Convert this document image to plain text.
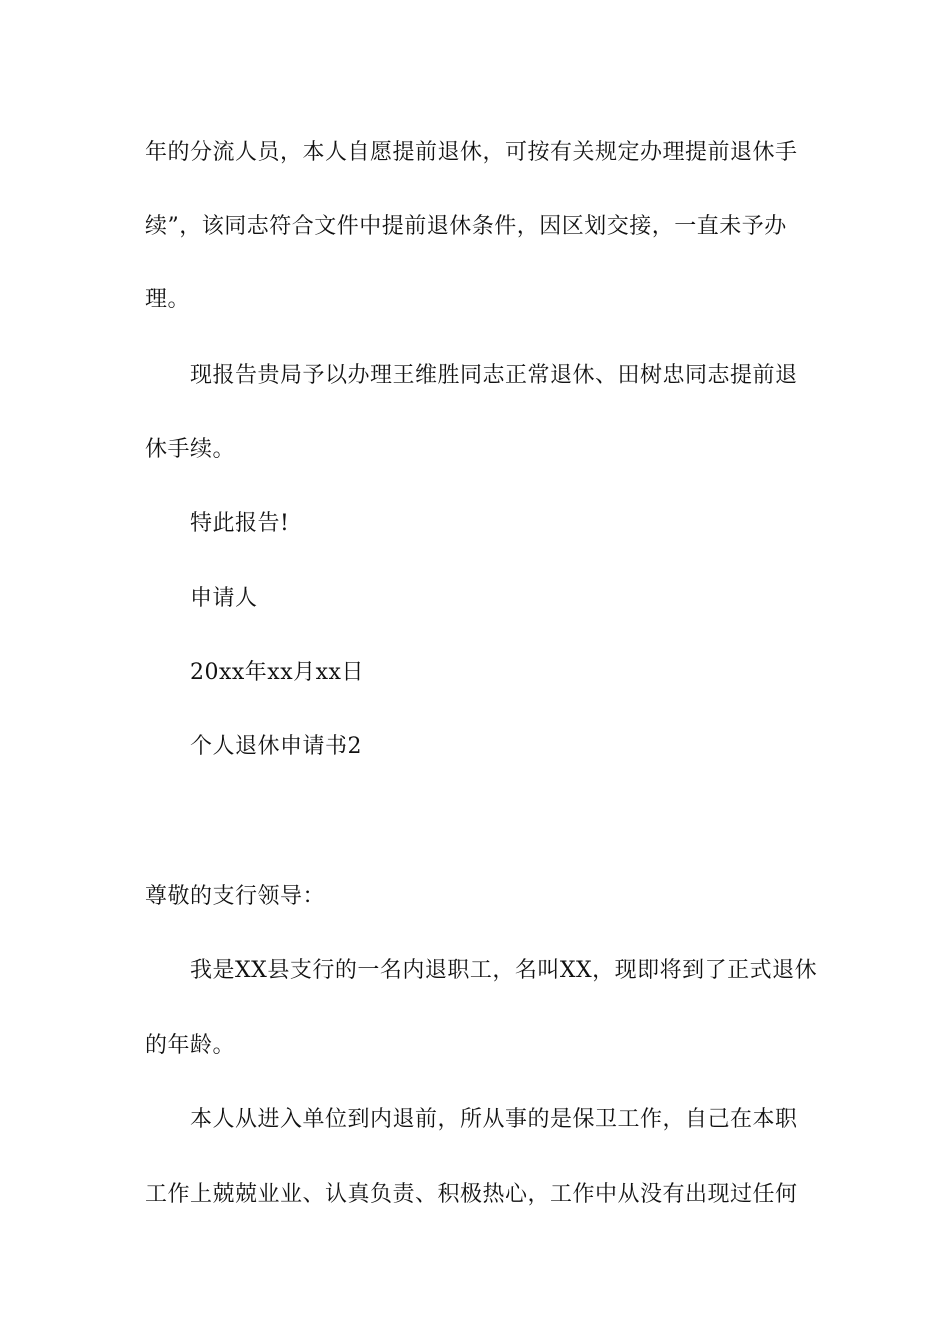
年的分流人员，本人自愿提前退休，可按有关规定办理提前退休手
续”，该同志符合文件中提前退休条件，因区划交接，一直未予办
理。
现报告贵局予以办理王维胜同志正常退休、田树忠同志提前退
休手续。
特此报告!
申请人
20xx年xx月xx日
个人退休申请书2
尊敬的支行领导：
我是XX县支行的一名内退职工，名叫XX，现即将到了正式退休
的年龄。
本人从进入单位到内退前，所从事的是保卫工作，自己在本职
工作上兢兢业业、认真负责、积极热心，工作中从没有出现过任何
